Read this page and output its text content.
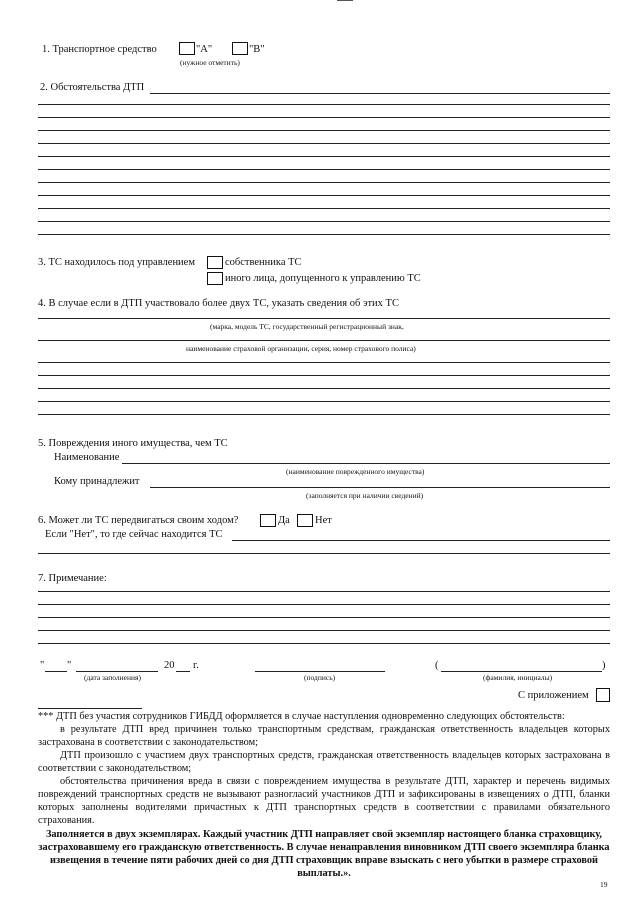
1. Транспортное средство	"А"	"В"
(нужное отметить)
2. Обстоятельства ДТП
3. ТС находилось под управлением	собственника ТС
иного лица, допущенного к управлению ТС
4. В случае если в ДТП участвовало более двух ТС, указать сведения об этих ТС
(марка, модель ТС, государственный регистрационный знак,
наименование страховой организации, серия, номер страхового полиса)
5. Повреждения иного имущества, чем ТС
Наименование
(наименование поврежденного имущества)
Кому принадлежит
(заполняется при наличии сведений)
6. Может ли ТС передвигаться своим ходом?	Да Нет
Если "Нет", то где сейчас находится ТС
7. Примечание:
" "	20 г.
(дата заполнения)	(подпись)
(	)
(фамилия, инициалы)
С приложением
*** ДТП без участия сотрудников ГИБДД оформляется в случае наступления одновременно следующих обстоятельств:
в результате ДТП вред причинен только транспортным средствам, гражданская ответственность владельцев которых застрахована в соответствии с законодательством;
ДТП произошло с участием двух транспортных средств, гражданская ответственность владельцев которых застрахована в соответствии с законодательством;
обстоятельства причинения вреда в связи с повреждением имущества в результате ДТП, характер и перечень видимых повреждений транспортных средств не вызывают разногласий участников ДТП и зафиксированы в извещениях о ДТП, бланки которых заполнены водителями причастных к ДТП транспортных средств в соответствии с правилами обязательного страхования.
Заполняется в двух экземплярах. Каждый участник ДТП направляет свой экземпляр настоящего бланка страховщику, застраховавшему его гражданскую ответственность. В случае ненаправления виновником ДТП своего экземпляра бланка извещения в течение пяти рабочих дней со дня ДТП страховщик вправе взыскать с него убытки в размере страховой выплаты.».
19
